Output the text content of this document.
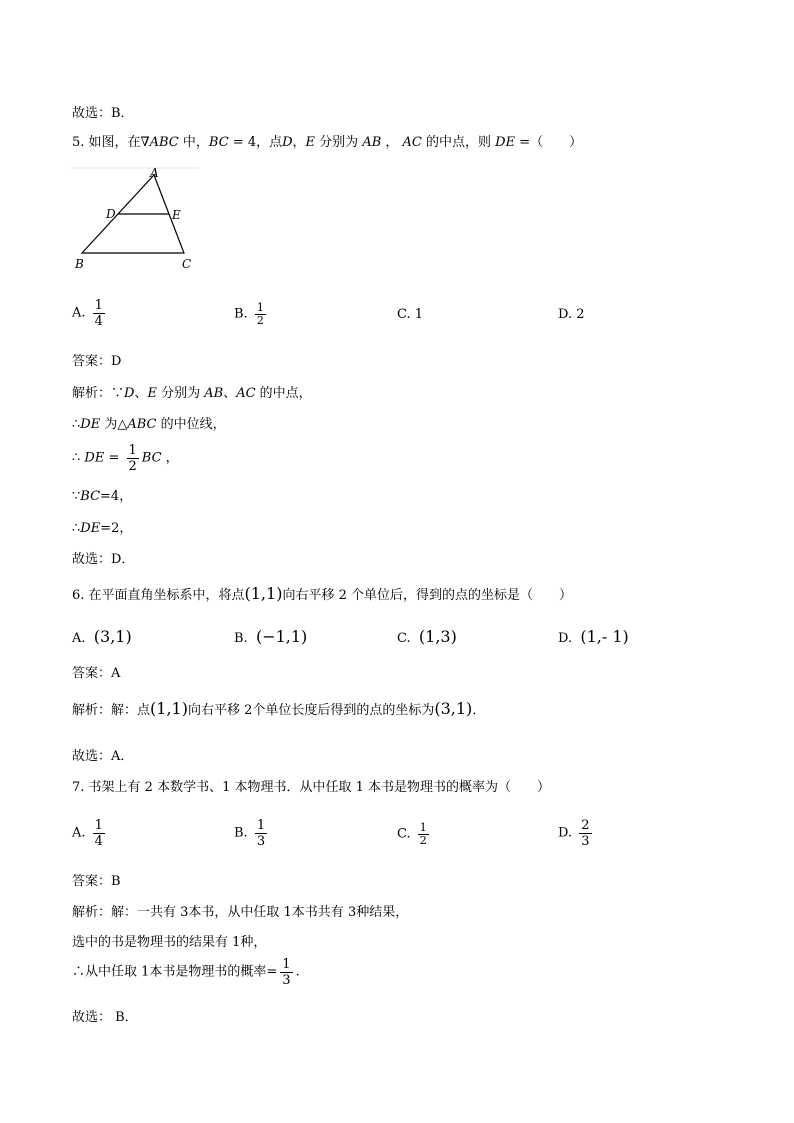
故选：B．
5. 如图，在∇ABC 中，BC = 4，点D，E 分别为 AB ， AC 的中点，则 DE =（　　）
A
D	E
B	C
A. $\frac{1}{4}$	B. $\frac{1}{2}$	C. 1	D. 2
答案：D
解析：∵D、E 分别为 AB、AC 的中点，
∴DE 为△ABC 的中位线，
∴ DE = $\frac{1}{2}$ BC ，
∵BC=4，
∴DE=2，
故选：D．
6. 在平面直角坐标系中，将点(1,1)向右平移 2 个单位后，得到的点的坐标是（　　）
A. (3,1)	B. (−1,1)	C. (1,3)	D. (1,- 1)
答案：A
解析：解：点(1,1)向右平移 2个单位长度后得到的点的坐标为(3,1)．
故选：A．
7. 书架上有 2 本数学书、1 本物理书．从中任取 1 本书是物理书的概率为（　　）
A. $\frac{1}{4}$	B. $\frac{1}{3}$	C. $\frac{1}{2}$	D. $\frac{2}{3}$
答案：B
解析：解：一共有 3本书，从中任取 1本书共有 3种结果，
选中的书是物理书的结果有 1种，
∴从中任取 1本书是物理书的概率= $\frac{1}{3}$ .
故选： B．
